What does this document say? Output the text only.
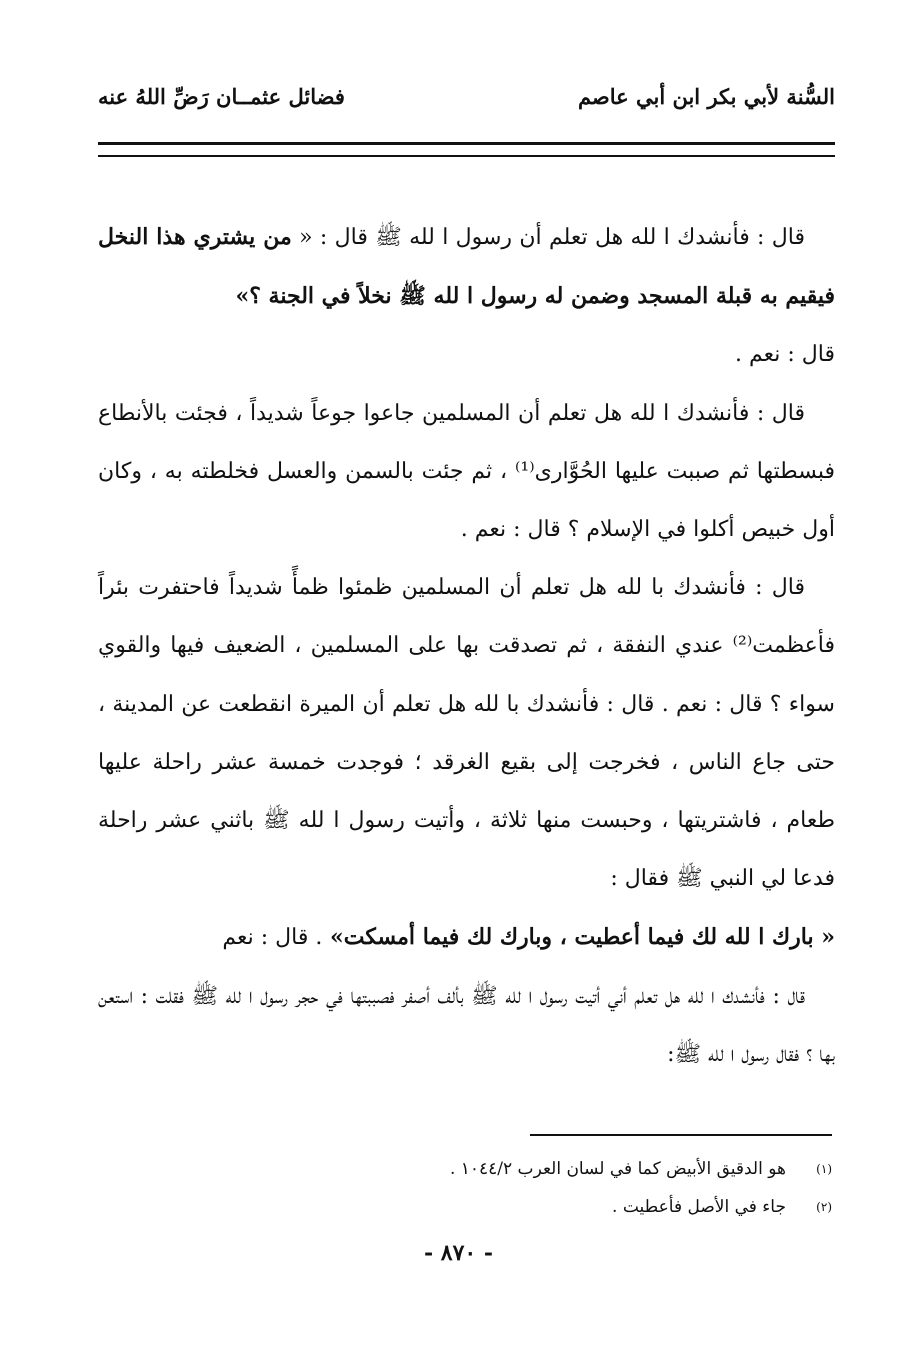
السُّنة لأبي بكر ابن أبي عاصم
فضائل عثمــان رَضِّ اللهُ عنه

قال : فأنشدك ا لله هل تعلم أن رسول ا لله ﷺ قال : « من يشتري هذا النخل فيقيم به قبلة المسجد وضمن له رسول ا لله ﷺ نخلاً في الجنة ؟»

قال : نعم .

قال : فأنشدك ا لله هل تعلم أن المسلمين جاعوا جوعاً شديداً ، فجئت بالأنطاع فبسطتها ثم صببت عليها الحُوَّارى⁽¹⁾ ، ثم جئت بالسمن والعسل فخلطته به ، وكان أول خبيص أكلوا في الإسلام ؟ قال : نعم .

قال : فأنشدك با لله هل تعلم أن المسلمين ظمئوا ظمأً شديداً فاحتفرت بئراً فأعظمت⁽²⁾ عندي النفقة ، ثم تصدقت بها على المسلمين ، الضعيف فيها والقوي سواء ؟ قال : نعم . قال : فأنشدك با لله هل تعلم أن الميرة انقطعت عن المدينة ، حتى جاع الناس ، فخرجت إلى بقيع الغرقد ؛ فوجدت خمسة عشر راحلة عليها طعام ، فاشتريتها ، وحبست منها ثلاثة ، وأتيت رسول ا لله ﷺ باثني عشر راحلة فدعا لي النبي ﷺ فقال :

« بارك ا لله لك فيما أعطيت ، وبارك لك فيما أمسكت» . قال : نعم

قال : فأنشدك ا لله هل تعلم أني أتيت رسول ا لله ﷺ بألف أصفر فصببتها في حجر رسول ا لله ﷺ فقلت : استعن بها ؟ فقال رسول ا لله ﷺ:

(١)
هو الدقيق الأبيض كما في لسان العرب ١٠٤٤/٢ .
(٢)
جاء في الأصل فأعطيت .
- ٨٧٠ -
